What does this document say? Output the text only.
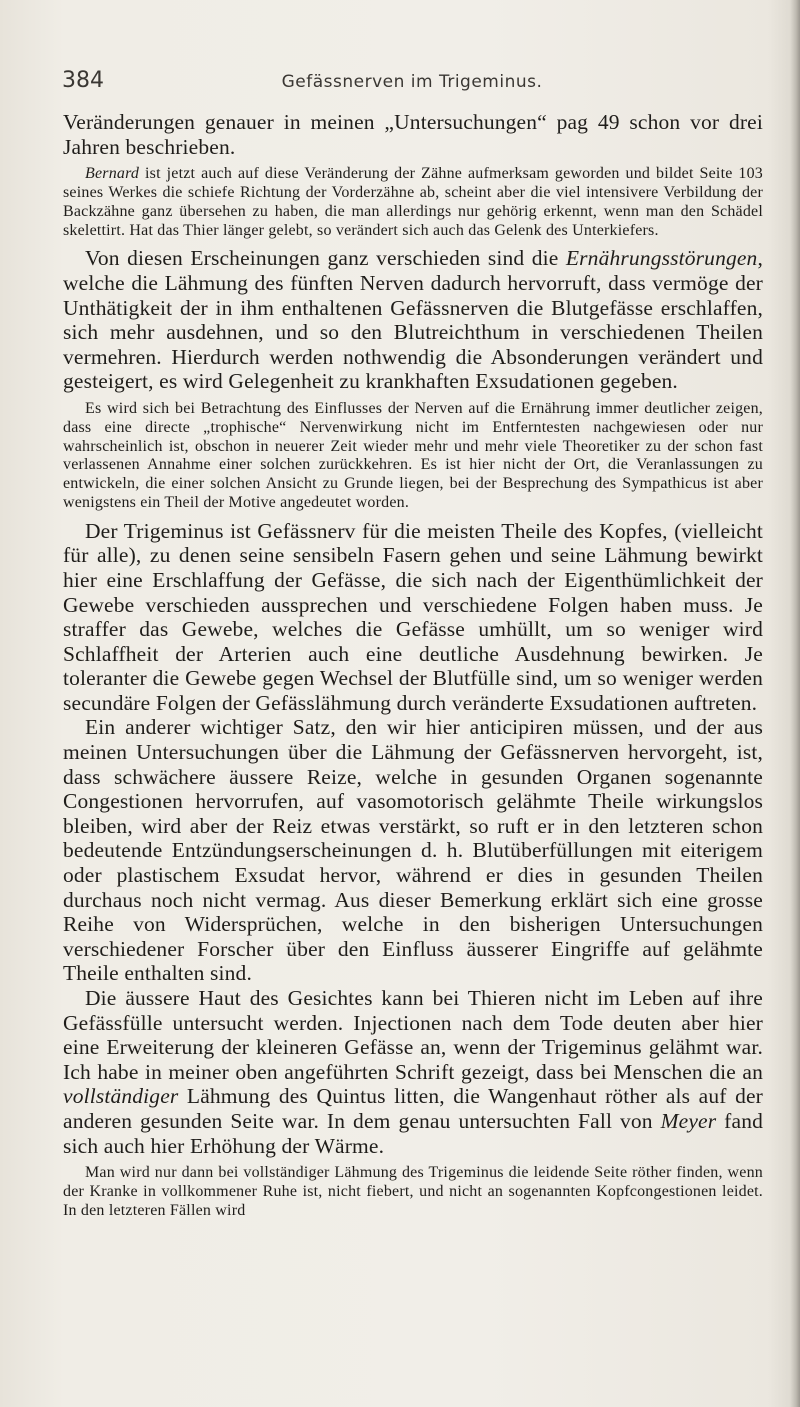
384	Gefässnerven im Trigeminus.

Veränderungen genauer in meinen „Untersuchungen“ pag 49 schon vor drei Jahren beschrieben.

Bernard ist jetzt auch auf diese Veränderung der Zähne aufmerksam geworden und bildet Seite 103 seines Werkes die schiefe Richtung der Vorderzähne ab, scheint aber die viel intensivere Verbildung der Backzähne ganz übersehen zu haben, die man allerdings nur gehörig erkennt, wenn man den Schädel skelettirt. Hat das Thier länger gelebt, so verändert sich auch das Gelenk des Unterkiefers.

Von diesen Erscheinungen ganz verschieden sind die Ernährungsstörungen, welche die Lähmung des fünften Nerven dadurch hervorruft, dass vermöge der Unthätigkeit der in ihm enthaltenen Gefässnerven die Blutgefässe erschlaffen, sich mehr ausdehnen, und so den Blutreichthum in verschiedenen Theilen vermehren. Hierdurch werden nothwendig die Absonderungen verändert und gesteigert, es wird Gelegenheit zu krankhaften Exsudationen gegeben.

Es wird sich bei Betrachtung des Einflusses der Nerven auf die Ernährung immer deutlicher zeigen, dass eine directe „trophische“ Nervenwirkung nicht im Entferntesten nachgewiesen oder nur wahrscheinlich ist, obschon in neuerer Zeit wieder mehr und mehr viele Theoretiker zu der schon fast verlassenen Annahme einer solchen zurückkehren. Es ist hier nicht der Ort, die Veranlassungen zu entwickeln, die einer solchen Ansicht zu Grunde liegen, bei der Besprechung des Sympathicus ist aber wenigstens ein Theil der Motive angedeutet worden.

Der Trigeminus ist Gefässnerv für die meisten Theile des Kopfes, (vielleicht für alle), zu denen seine sensibeln Fasern gehen und seine Lähmung bewirkt hier eine Erschlaffung der Gefässe, die sich nach der Eigenthümlichkeit der Gewebe verschieden aussprechen und verschiedene Folgen haben muss. Je straffer das Gewebe, welches die Gefässe umhüllt, um so weniger wird Schlaffheit der Arterien auch eine deutliche Ausdehnung bewirken. Je toleranter die Gewebe gegen Wechsel der Blutfülle sind, um so weniger werden secundäre Folgen der Gefässlähmung durch veränderte Exsudationen auftreten.

Ein anderer wichtiger Satz, den wir hier anticipiren müssen, und der aus meinen Untersuchungen über die Lähmung der Gefässnerven hervorgeht, ist, dass schwächere äussere Reize, welche in gesunden Organen sogenannte Congestionen hervorrufen, auf vasomotorisch gelähmte Theile wirkungslos bleiben, wird aber der Reiz etwas verstärkt, so ruft er in den letzteren schon bedeutende Entzündungserscheinungen d. h. Blutüberfüllungen mit eiterigem oder plastischem Exsudat hervor, während er dies in gesunden Theilen durchaus noch nicht vermag. Aus dieser Bemerkung erklärt sich eine grosse Reihe von Widersprüchen, welche in den bisherigen Untersuchungen verschiedener Forscher über den Einfluss äusserer Eingriffe auf gelähmte Theile enthalten sind.

Die äussere Haut des Gesichtes kann bei Thieren nicht im Leben auf ihre Gefässfülle untersucht werden. Injectionen nach dem Tode deuten aber hier eine Erweiterung der kleineren Gefässe an, wenn der Trigeminus gelähmt war. Ich habe in meiner oben angeführten Schrift gezeigt, dass bei Menschen die an vollständiger Lähmung des Quintus litten, die Wangenhaut röther als auf der anderen gesunden Seite war. In dem genau untersuchten Fall von Meyer fand sich auch hier Erhöhung der Wärme.

Man wird nur dann bei vollständiger Lähmung des Trigeminus die leidende Seite röther finden, wenn der Kranke in vollkommener Ruhe ist, nicht fiebert, und nicht an sogenannten Kopfcongestionen leidet. In den letzteren Fällen wird
